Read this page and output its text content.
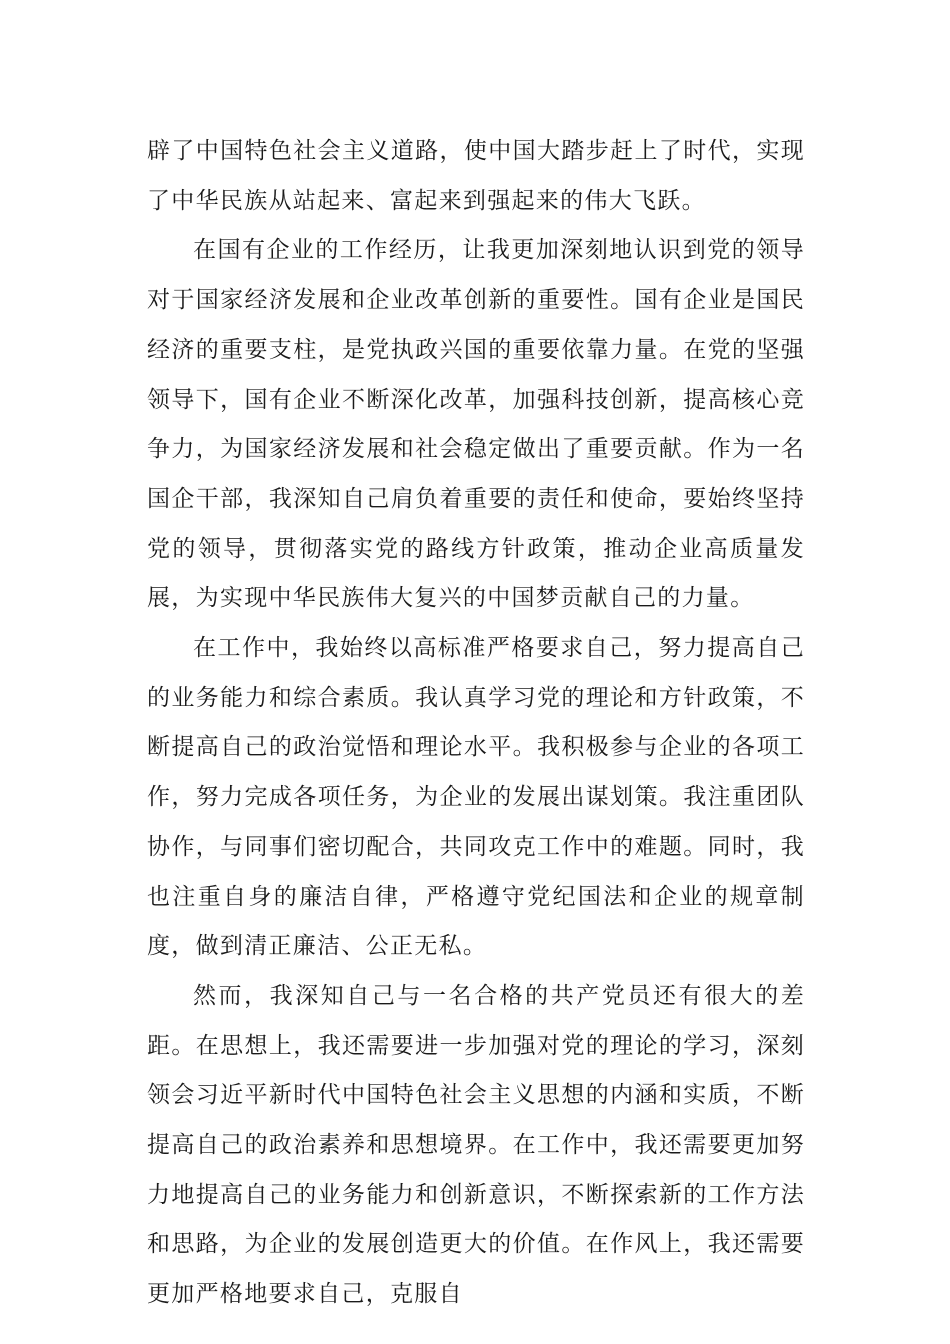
辟了中国特色社会主义道路，使中国大踏步赶上了时代，实现了中华民族从站起来、富起来到强起来的伟大飞跃。

在国有企业的工作经历，让我更加深刻地认识到党的领导对于国家经济发展和企业改革创新的重要性。国有企业是国民经济的重要支柱，是党执政兴国的重要依靠力量。在党的坚强领导下，国有企业不断深化改革，加强科技创新，提高核心竞争力，为国家经济发展和社会稳定做出了重要贡献。作为一名国企干部，我深知自己肩负着重要的责任和使命，要始终坚持党的领导，贯彻落实党的路线方针政策，推动企业高质量发展，为实现中华民族伟大复兴的中国梦贡献自己的力量。

在工作中，我始终以高标准严格要求自己，努力提高自己的业务能力和综合素质。我认真学习党的理论和方针政策，不断提高自己的政治觉悟和理论水平。我积极参与企业的各项工作，努力完成各项任务，为企业的发展出谋划策。我注重团队协作，与同事们密切配合，共同攻克工作中的难题。同时，我也注重自身的廉洁自律，严格遵守党纪国法和企业的规章制度，做到清正廉洁、公正无私。

然而，我深知自己与一名合格的共产党员还有很大的差距。在思想上，我还需要进一步加强对党的理论的学习，深刻领会习近平新时代中国特色社会主义思想的内涵和实质，不断提高自己的政治素养和思想境界。在工作中，我还需要更加努力地提高自己的业务能力和创新意识，不断探索新的工作方法和思路，为企业的发展创造更大的价值。在作风上，我还需要更加严格地要求自己，克服自
